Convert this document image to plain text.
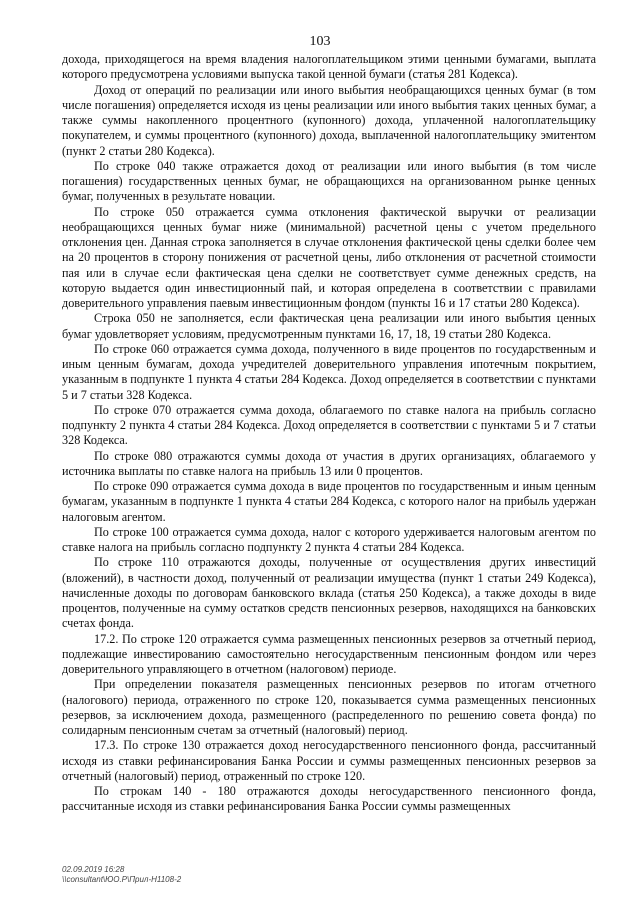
103

дохода, приходящегося на время владения налогоплательщиком этими ценными бумагами, выплата которого предусмотрена условиями выпуска такой ценной бумаги (статья 281 Кодекса).

Доход от операций по реализации или иного выбытия необращающихся ценных бумаг (в том числе погашения) определяется исходя из цены реализации или иного выбытия таких ценных бумаг, а также суммы накопленного процентного (купонного) дохода, уплаченной налогоплательщику покупателем, и суммы процентного (купонного) дохода, выплаченной налогоплательщику эмитентом (пункт 2 статьи 280 Кодекса).

По строке 040 также отражается доход от реализации или иного выбытия (в том числе погашения) государственных ценных бумаг, не обращающихся на организованном рынке ценных бумаг, полученных в результате новации.

По строке 050 отражается сумма отклонения фактической выручки от реализации необращающихся ценных бумаг ниже (минимальной) расчетной цены с учетом предельного отклонения цен. Данная строка заполняется в случае отклонения фактической цены сделки более чем на 20 процентов в сторону понижения от расчетной цены, либо отклонения от расчетной стоимости пая или в случае если фактическая цена сделки не соответствует сумме денежных средств, на которую выдается один инвестиционный пай, и которая определена в соответствии с правилами доверительного управления паевым инвестиционным фондом (пункты 16 и 17 статьи 280 Кодекса).

Строка 050 не заполняется, если фактическая цена реализации или иного выбытия ценных бумаг удовлетворяет условиям, предусмотренным пунктами 16, 17, 18, 19 статьи 280 Кодекса.

По строке 060 отражается сумма дохода, полученного в виде процентов по государственным и иным ценным бумагам, дохода учредителей доверительного управления ипотечным покрытием, указанным в подпункте 1 пункта 4 статьи 284 Кодекса. Доход определяется в соответствии с пунктами 5 и 7 статьи 328 Кодекса.

По строке 070 отражается сумма дохода, облагаемого по ставке налога на прибыль согласно подпункту 2 пункта 4 статьи 284 Кодекса. Доход определяется в соответствии с пунктами 5 и 7 статьи 328 Кодекса.

По строке 080 отражаются суммы дохода от участия в других организациях, облагаемого у источника выплаты по ставке налога на прибыль 13 или 0 процентов.

По строке 090 отражается сумма дохода в виде процентов по государственным и иным ценным бумагам, указанным в подпункте 1 пункта 4 статьи 284 Кодекса, с которого налог на прибыль удержан налоговым агентом.

По строке 100 отражается сумма дохода, налог с которого удерживается налоговым агентом по ставке налога на прибыль согласно подпункту 2 пункта 4 статьи 284 Кодекса.

По строке 110 отражаются доходы, полученные от осуществления других инвестиций (вложений), в частности доход, полученный от реализации имущества (пункт 1 статьи 249 Кодекса), начисленные доходы по договорам банковского вклада (статья 250 Кодекса), а также доходы в виде процентов, полученные на сумму остатков средств пенсионных резервов, находящихся на банковских счетах фонда.

17.2. По строке 120 отражается сумма размещенных пенсионных резервов за отчетный период, подлежащие инвестированию самостоятельно негосударственным пенсионным фондом или через доверительного управляющего в отчетном (налоговом) периоде.

При определении показателя размещенных пенсионных резервов по итогам отчетного (налогового) периода, отраженного по строке 120, показывается сумма размещенных пенсионных резервов, за исключением дохода, размещенного (распределенного по решению совета фонда) по солидарным пенсионным счетам за отчетный (налоговый) период.

17.3. По строке 130 отражается доход негосударственного пенсионного фонда, рассчитанный исходя из ставки рефинансирования Банка России и суммы размещенных пенсионных резервов за отчетный (налоговый) период, отраженный по строке 120.

По строкам 140 - 180 отражаются доходы негосударственного пенсионного фонда, рассчитанные исходя из ставки рефинансирования Банка России суммы размещенных

02.09.2019 16:28
\\consultant\ЮО.Р\Прил-Н1108-2
